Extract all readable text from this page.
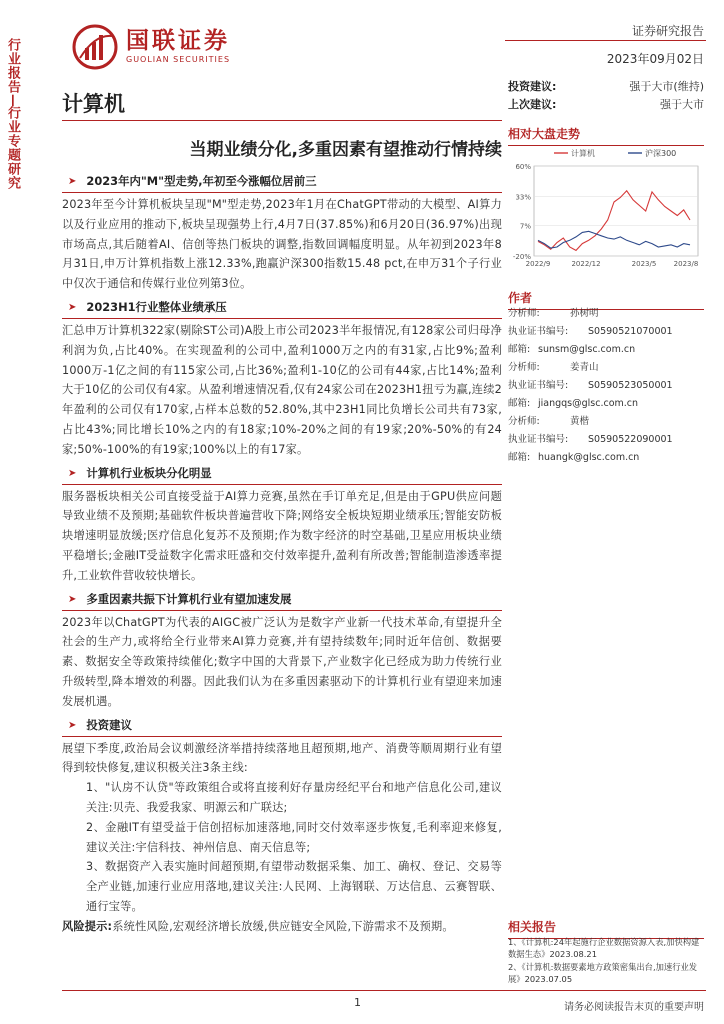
行业报告—
行业专题研究
国联证券
GUOLIAN SECURITIES
证券研究报告
2023年09月02日
投资建议:	强于大市(维持)
上次建议:	强于大市
计算机
当期业绩分化,多重因素有望推动行情持续
➤ 2023年内"M"型走势,年初至今涨幅位居前三

2023年至今计算机板块呈现"M"型走势,2023年1月在ChatGPT带动的大模型、AI算力以及行业应用的推动下,板块呈现强势上行,4月7日(37.85%)和6月20日(36.97%)出现市场高点,其后随着AI、信创等热门板块的调整,指数回调幅度明显。从年初到2023年8月31日,申万计算机指数上涨12.33%,跑赢沪深300指数15.48 pct,在申万31个子行业中仅次于通信和传媒行业位列第3位。

➤ 2023H1行业整体业绩承压

汇总申万计算机322家(剔除ST公司)A股上市公司2023半年报情况,有128家公司归母净利润为负,占比40%。在实现盈利的公司中,盈利1000万之内的有31家,占比9%;盈利1000万-1亿之间的有115家公司,占比36%;盈利1-10亿的公司有44家,占比14%;盈利大于10亿的公司仅有4家。从盈利增速情况看,仅有24家公司在2023H1扭亏为赢,连续2年盈利的公司仅有170家,占样本总数的52.80%,其中23H1同比负增长公司共有73家,占比43%;同比增长10%之内的有18家;10%-20%之间的有19家;20%-50%的有24家;50%-100%的有19家;100%以上的有17家。

➤ 计算机行业板块分化明显

服务器板块相关公司直接受益于AI算力竞赛,虽然在手订单充足,但是由于GPU供应问题导致业绩不及预期;基础软件板块普遍营收下降;网络安全板块短期业绩承压;智能安防板块增速明显放缓;医疗信息化复苏不及预期;作为数字经济的时空基础,卫星应用板块业绩平稳增长;金融IT受益数字化需求旺盛和交付效率提升,盈利有所改善;智能制造渗透率提升,工业软件营收较快增长。

➤ 多重因素共振下计算机行业有望加速发展

2023年以ChatGPT为代表的AIGC被广泛认为是数字产业新一代技术革命,有望提升全社会的生产力,或将给全行业带来AI算力竞赛,并有望持续数年;同时近年信创、数据要素、数据安全等政策持续催化;数字中国的大背景下,产业数字化已经成为助力传统行业升级转型,降本增效的利器。因此我们认为在多重因素驱动下的计算机行业有望迎来加速发展机遇。

➤ 投资建议

展望下季度,政治局会议刺激经济举措持续落地且超预期,地产、消费等顺周期行业有望得到较快修复,建议积极关注3条主线:

1、"认房不认贷"等政策组合或将直接利好存量房经纪平台和地产信息化公司,建议关注:贝壳、我爱我家、明源云和广联达;

2、金融IT有望受益于信创招标加速落地,同时交付效率逐步恢复,毛利率迎来修复,建议关注:宇信科技、神州信息、南天信息等;

3、数据资产入表实施时间超预期,有望带动数据采集、加工、确权、登记、交易等全产业链,加速行业应用落地,建议关注:人民网、上海钢联、万达信息、云赛智联、通行宝等。

风险提示:系统性风险,宏观经济增长放缓,供应链安全风险,下游需求不及预期。

相对大盘走势
60%
33%
7%
-20%
2022/9	2022/12	2023/5 2023/8
计算机	沪深300
作者
分析师:	孙树明
执业证书编号:	S0590521070001
邮箱: sunsm@glsc.com.cn
分析师:	姜青山
执业证书编号:	S0590523050001
邮箱: jiangqs@glsc.com.cn
分析师:	黄楷
执业证书编号:	S0590522090001
邮箱: huangk@glsc.com.cn
相关报告
1、《计算机:24年起施行企业数据资源入表,加快构建数据生态》2023.08.21
2、《计算机:数据要素地方政策密集出台,加速行业发展》2023.07.05
1	请务必阅读报告末页的重要声明
